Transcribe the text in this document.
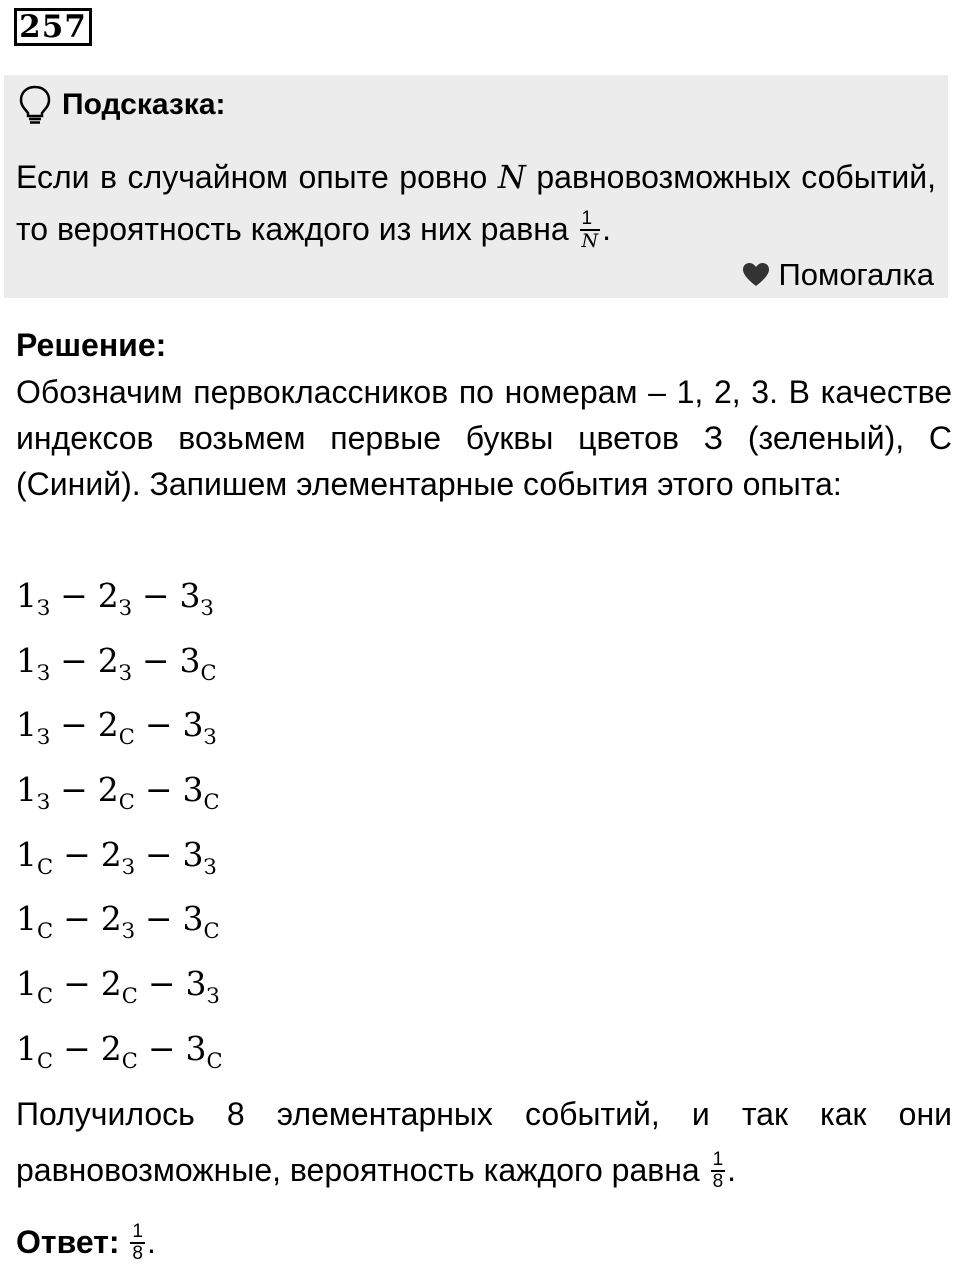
257
Подсказка:
Если в случайном опыте ровно N равновозможных событий, то вероятность каждого из них равна $\frac{1}{N}$ .
Помогалка
Решение:
Обозначим первоклассников по номерам – 1, 2, 3. В качестве индексов возьмем первые буквы цветов З (зеленый), С (Синий). Запишем элементарные события этого опыта:
$1_З - 2_З - 3_З$
$1_З - 2_З - 3_С$
$1_З - 2_С - 3_З$
$1_З - 2_С - 3_С$
$1_С - 2_З - 3_З$
$1_С - 2_З - 3_С$
$1_С - 2_С - 3_З$
$1_С - 2_С - 3_С$
Получилось 8 элементарных событий, и так как они равновозможные, вероятность каждого равна $\frac{1}{8}$ .
Ответ: $\frac{1}{8}$ .
